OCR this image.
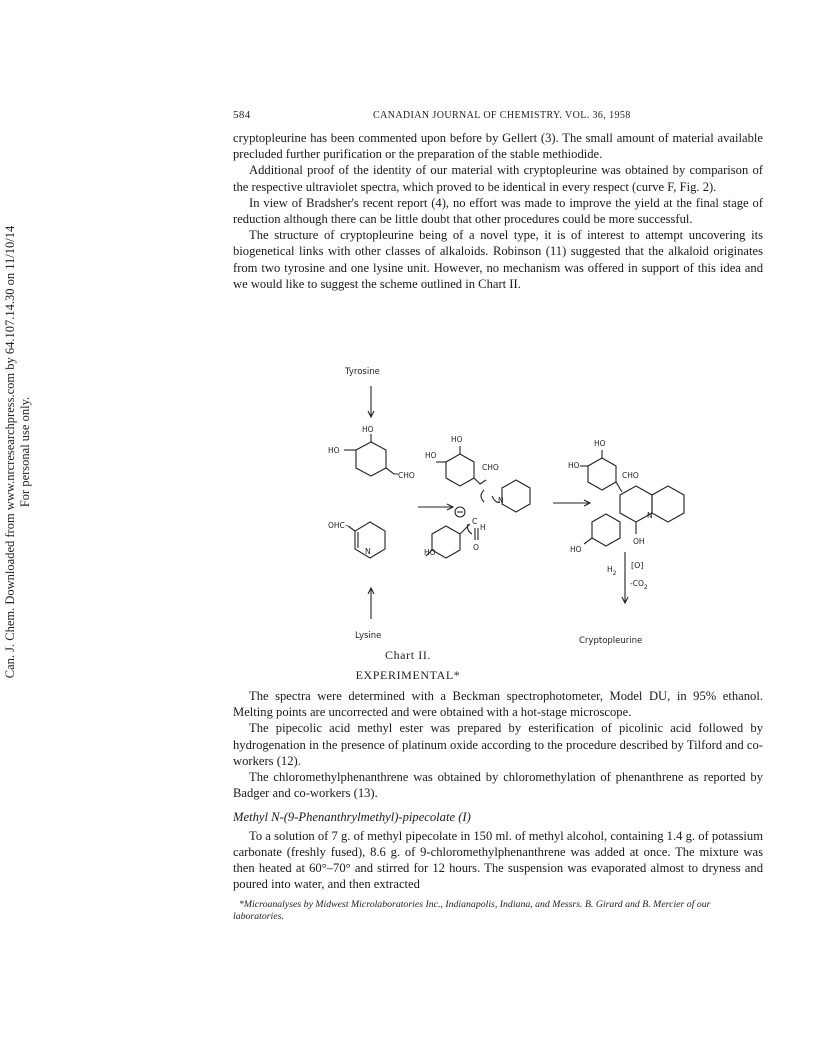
Can. J. Chem. Downloaded from www.nrcresearchpress.com by 64.107.14.30 on 11/10/14 For personal use only.
584	CANADIAN JOURNAL OF CHEMISTRY. VOL. 36, 1958

cryptopleurine has been commented upon before by Gellert (3). The small amount of material available precluded further purification or the preparation of the stable methiodide.

Additional proof of the identity of our material with cryptopleurine was obtained by comparison of the respective ultraviolet spectra, which proved to be identical in every respect (curve F, Fig. 2).

In view of Bradsher's recent report (4), no effort was made to improve the yield at the final stage of reduction although there can be little doubt that other procedures could be more successful.

The structure of cryptopleurine being of a novel type, it is of interest to attempt uncovering its biogenetical links with other classes of alkaloids. Robinson (11) suggested that the alkaloid originates from two tyrosine and one lysine unit. However, no mechanism was offered in support of this idea and we would like to suggest the scheme outlined in Chart II.

Tyrosine
HO
HO
CHO
OHC–
N
Lysine
HO
HO
CHO
N
HO
C
H
O
HO
HO
CHO
N
OH
HO
[O]
$H_2$
$-CO_2$
Cryptopleurine
Chart II.
EXPERIMENTAL*

The spectra were determined with a Beckman spectrophotometer, Model DU, in 95% ethanol. Melting points are uncorrected and were obtained with a hot-stage microscope.

The pipecolic acid methyl ester was prepared by esterification of picolinic acid followed by hydrogenation in the presence of platinum oxide according to the procedure described by Tilford and co-workers (12).

The chloromethylphenanthrene was obtained by chloromethylation of phenanthrene as reported by Badger and co-workers (13).

Methyl N-(9-Phenanthrylmethyl)-pipecolate (I)

To a solution of 7 g. of methyl pipecolate in 150 ml. of methyl alcohol, containing 1.4 g. of potassium carbonate (freshly fused), 8.6 g. of 9-chloromethylphenanthrene was added at once. The mixture was then heated at 60°–70° and stirred for 12 hours. The suspension was evaporated almost to dryness and poured into water, and then extracted

*Microanalyses by Midwest Microlaboratories Inc., Indianapolis, Indiana, and Messrs. B. Girard and B. Mercier of our laboratories.
